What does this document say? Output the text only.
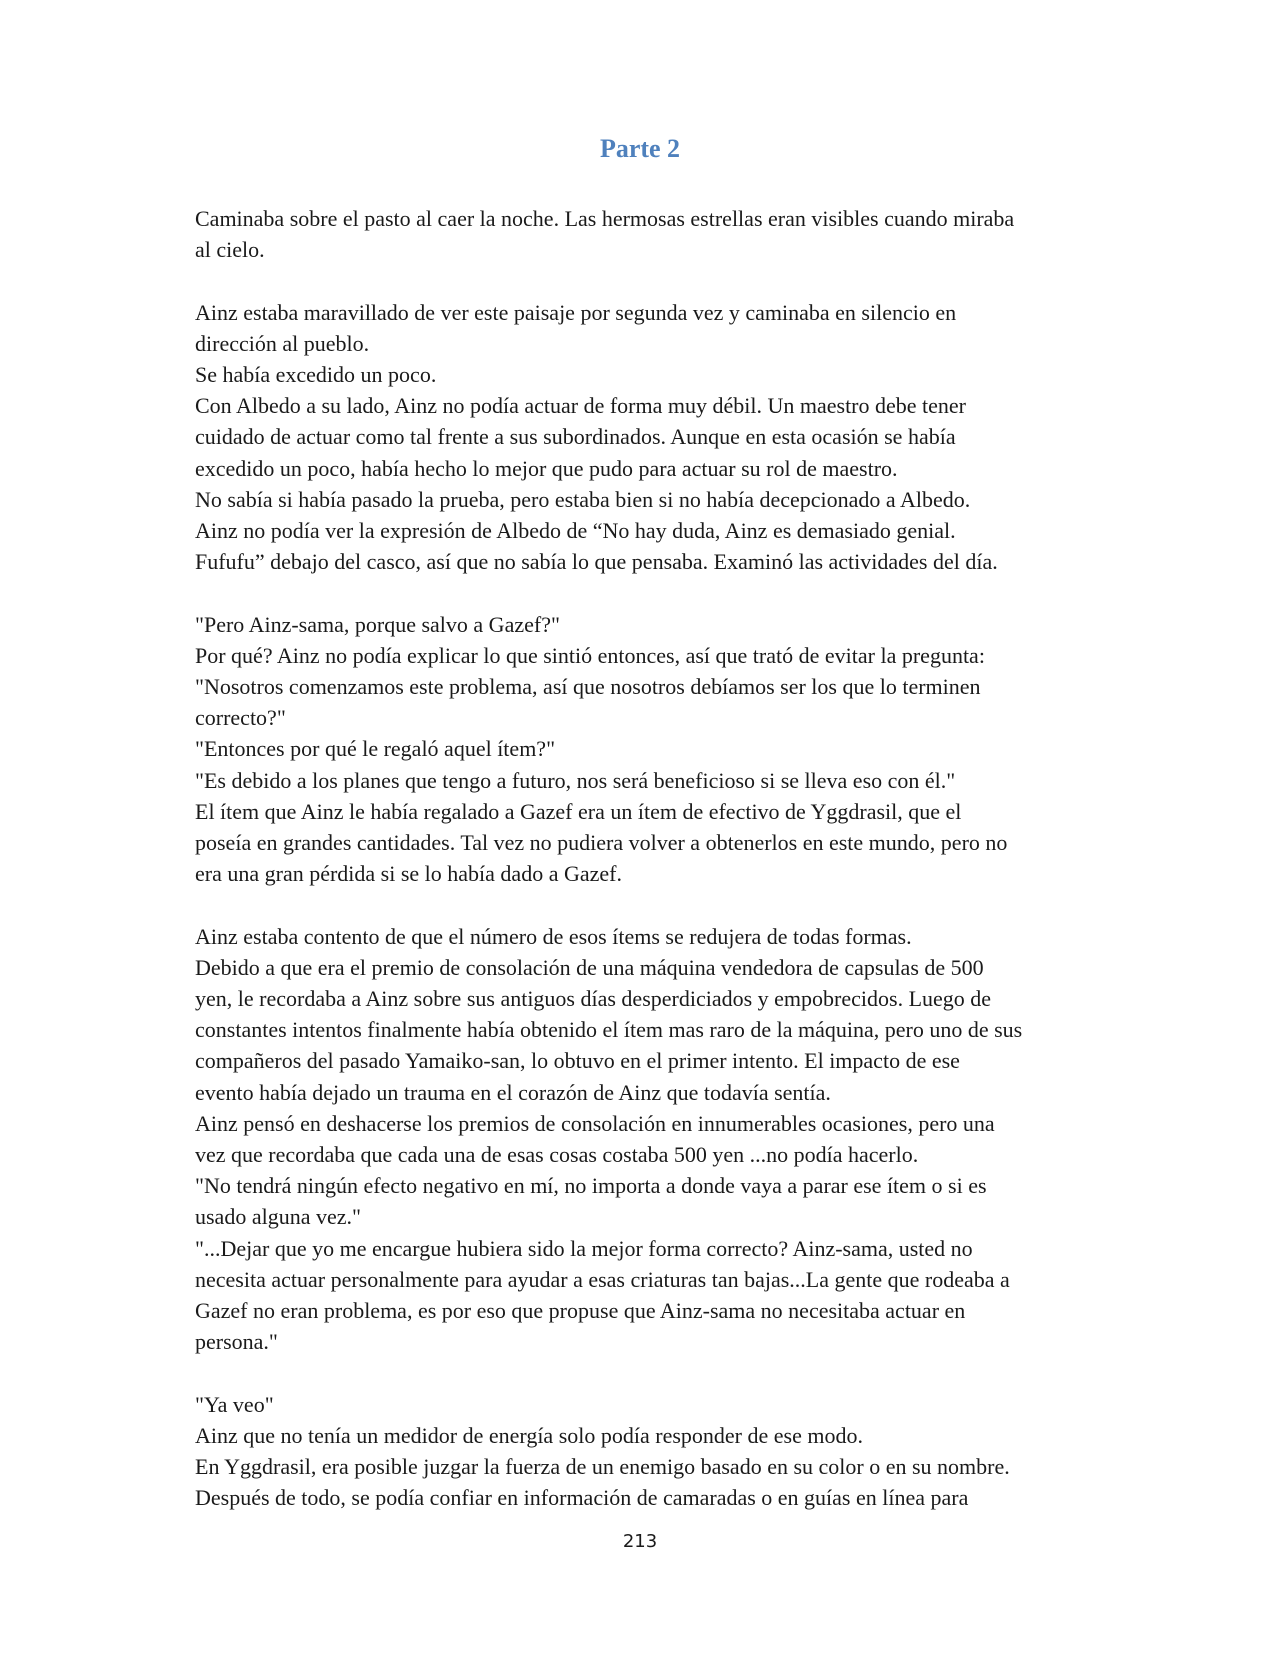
Parte 2

Caminaba sobre el pasto al caer la noche. Las hermosas estrellas eran visibles cuando miraba

al cielo.

Ainz estaba maravillado de ver este paisaje por segunda vez y caminaba en silencio en

dirección al pueblo.

Se había excedido un poco.

Con Albedo a su lado, Ainz no podía actuar de forma muy débil. Un maestro debe tener

cuidado de actuar como tal frente a sus subordinados. Aunque en esta ocasión se había

excedido un poco, había hecho lo mejor que pudo para actuar su rol de maestro.

No sabía si había pasado la prueba, pero estaba bien si no había decepcionado a Albedo.

Ainz no podía ver la expresión de Albedo de “No hay duda, Ainz es demasiado genial.

Fufufu” debajo del casco, así que no sabía lo que pensaba. Examinó las actividades del día.

"Pero Ainz-sama, porque salvo a Gazef?"

Por qué? Ainz no podía explicar lo que sintió entonces, así que trató de evitar la pregunta:

"Nosotros comenzamos este problema, así que nosotros debíamos ser los que lo terminen

correcto?"

"Entonces por qué le regaló aquel ítem?"

"Es debido a los planes que tengo a futuro, nos será beneficioso si se lleva eso con él."

El ítem que Ainz le había regalado a Gazef era un ítem de efectivo de Yggdrasil, que el

poseía en grandes cantidades. Tal vez no pudiera volver a obtenerlos en este mundo, pero no

era una gran pérdida si se lo había dado a Gazef.

Ainz estaba contento de que el número de esos ítems se redujera de todas formas.

Debido a que era el premio de consolación de una máquina vendedora de capsulas de 500

yen, le recordaba a Ainz sobre sus antiguos días desperdiciados y empobrecidos. Luego de

constantes intentos finalmente había obtenido el ítem mas raro de la máquina, pero uno de sus

compañeros del pasado Yamaiko-san, lo obtuvo en el primer intento. El impacto de ese

evento había dejado un trauma en el corazón de Ainz que todavía sentía.

Ainz pensó en deshacerse los premios de consolación en innumerables ocasiones, pero una

vez que recordaba que cada una de esas cosas costaba 500 yen ...no podía hacerlo.

"No tendrá ningún efecto negativo en mí, no importa a donde vaya a parar ese ítem o si es

usado alguna vez."

"...Dejar que yo me encargue hubiera sido la mejor forma correcto? Ainz-sama, usted no

necesita actuar personalmente para ayudar a esas criaturas tan bajas...La gente que rodeaba a

Gazef no eran problema, es por eso que propuse que Ainz-sama no necesitaba actuar en

persona."

"Ya veo"

Ainz que no tenía un medidor de energía solo podía responder de ese modo.

En Yggdrasil, era posible juzgar la fuerza de un enemigo basado en su color o en su nombre.

Después de todo, se podía confiar en información de camaradas o en guías en línea para

213
